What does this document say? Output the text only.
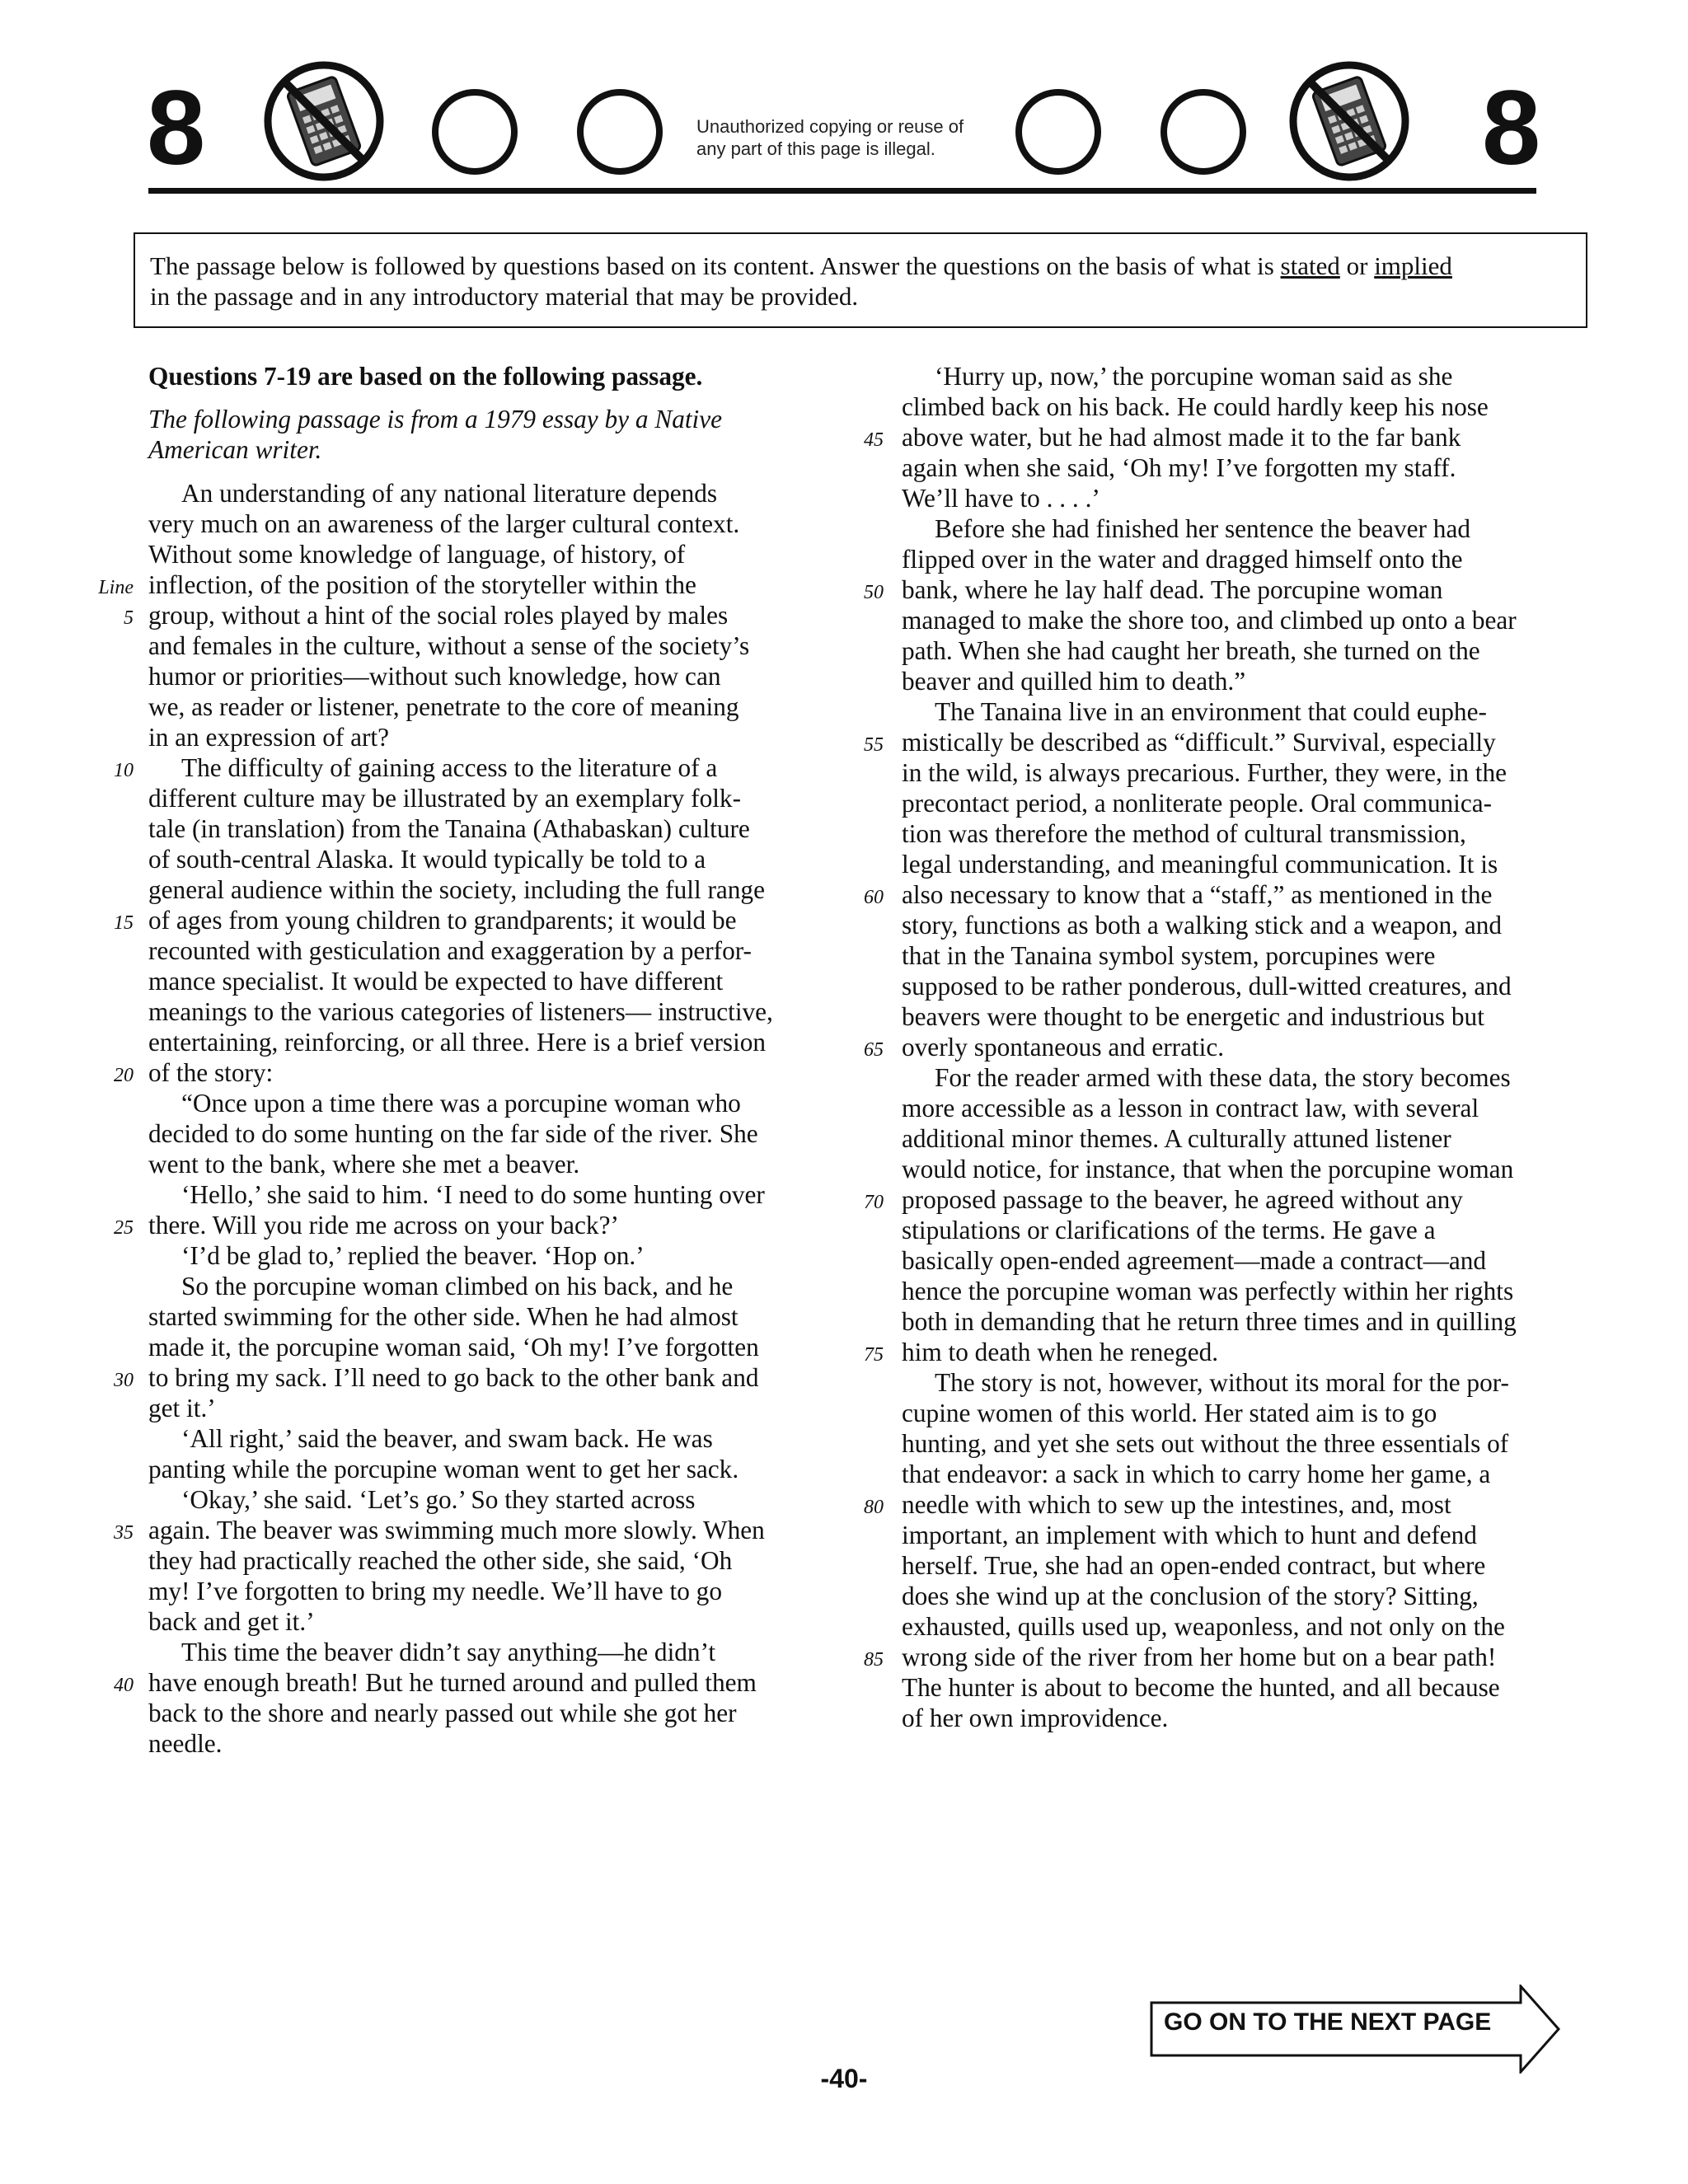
8	Unauthorized copying or reuse of
any part of this page is illegal.	8
The passage below is followed by questions based on its content. Answer the questions on the basis of what is stated or implied
in the passage and in any introductory material that may be provided.
Questions 7-19 are based on the following passage.
The following passage is from a 1979 essay by a Native
American writer.
An understanding of any national literature depends
very much on an awareness of the larger cultural context.
Without some knowledge of language, of history, of
inflection, of the position of the storyteller within the
Line
group, without a hint of the social roles played by males
5
and females in the culture, without a sense of the society’s
humor or priorities—without such knowledge, how can
we, as reader or listener, penetrate to the core of meaning
in an expression of art?
The difficulty of gaining access to the literature of a
10
different culture may be illustrated by an exemplary folk-
tale (in translation) from the Tanaina (Athabaskan) culture
of south-central Alaska. It would typically be told to a
general audience within the society, including the full range
of ages from young children to grandparents; it would be
15
recounted with gesticulation and exaggeration by a perfor-
mance specialist. It would be expected to have different
meanings to the various categories of listeners— instructive,
entertaining, reinforcing, or all three. Here is a brief version
of the story:
20
“Once upon a time there was a porcupine woman who
decided to do some hunting on the far side of the river. She
went to the bank, where she met a beaver.
‘Hello,’ she said to him. ‘I need to do some hunting over
there. Will you ride me across on your back?’
25
‘I’d be glad to,’ replied the beaver. ‘Hop on.’
So the porcupine woman climbed on his back, and he
started swimming for the other side. When he had almost
made it, the porcupine woman said, ‘Oh my! I’ve forgotten
to bring my sack. I’ll need to go back to the other bank and
30
get it.’
‘All right,’ said the beaver, and swam back. He was
panting while the porcupine woman went to get her sack.
‘Okay,’ she said. ‘Let’s go.’ So they started across
again. The beaver was swimming much more slowly. When
35
they had practically reached the other side, she said, ‘Oh
my! I’ve forgotten to bring my needle. We’ll have to go
back and get it.’
This time the beaver didn’t say anything—he didn’t
have enough breath! But he turned around and pulled them
40
back to the shore and nearly passed out while she got her
needle.
‘Hurry up, now,’ the porcupine woman said as she
climbed back on his back. He could hardly keep his nose
above water, but he had almost made it to the far bank
45
again when she said, ‘Oh my! I’ve forgotten my staff.
We’ll have to . . . .’
Before she had finished her sentence the beaver had
flipped over in the water and dragged himself onto the
bank, where he lay half dead. The porcupine woman
50
managed to make the shore too, and climbed up onto a bear
path. When she had caught her breath, she turned on the
beaver and quilled him to death.”
The Tanaina live in an environment that could euphe-
mistically be described as “difficult.” Survival, especially
55
in the wild, is always precarious. Further, they were, in the
precontact period, a nonliterate people. Oral communica-
tion was therefore the method of cultural transmission,
legal understanding, and meaningful communication. It is
also necessary to know that a “staff,” as mentioned in the
60
story, functions as both a walking stick and a weapon, and
that in the Tanaina symbol system, porcupines were
supposed to be rather ponderous, dull-witted creatures, and
beavers were thought to be energetic and industrious but
overly spontaneous and erratic.
65
For the reader armed with these data, the story becomes
more accessible as a lesson in contract law, with several
additional minor themes. A culturally attuned listener
would notice, for instance, that when the porcupine woman
proposed passage to the beaver, he agreed without any
70
stipulations or clarifications of the terms. He gave a
basically open-ended agreement—made a contract—and
hence the porcupine woman was perfectly within her rights
both in demanding that he return three times and in quilling
him to death when he reneged.
75
The story is not, however, without its moral for the por-
cupine women of this world. Her stated aim is to go
hunting, and yet she sets out without the three essentials of
that endeavor: a sack in which to carry home her game, a
needle with which to sew up the intestines, and, most
80
important, an implement with which to hunt and defend
herself. True, she had an open-ended contract, but where
does she wind up at the conclusion of the story? Sitting,
exhausted, quills used up, weaponless, and not only on the
wrong side of the river from her home but on a bear path!
85
The hunter is about to become the hunted, and all because
of her own improvidence.
GO ON TO THE NEXT PAGE
-40-
